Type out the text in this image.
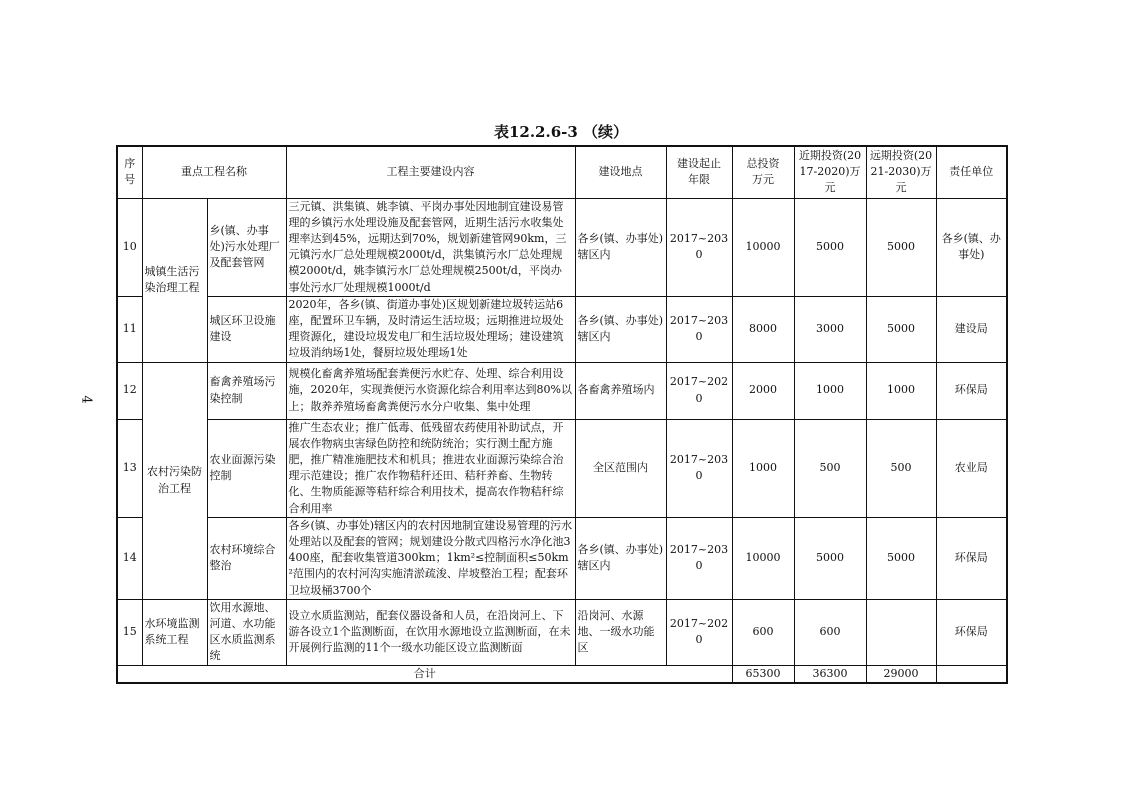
4
表12.2.6-3 （续）
序号	重点工程名称		工程主要建设内容	建设地点	建设起止年限	总投资万元	近期投资(2017-2020)万元	远期投资(2021-2030)万元	责任单位
10	城镇生活污染治理工程	乡(镇、办事处)污水处理厂及配套管网	三元镇、洪集镇、姚李镇、平岗办事处因地制宜建设易管理的乡镇污水处理设施及配套管网，近期生活污水收集处理率达到45%，远期达到70%，规划新建管网90km，三元镇污水厂总处理规模2000t/d，洪集镇污水厂总处理规模2000t/d，姚李镇污水厂总处理规模2500t/d，平岗办事处污水厂处理规模1000t/d	各乡(镇、办事处)辖区内	2017~2030	10000	5000	5000	各乡(镇、办事处)
11		城区环卫设施建设	2020年，各乡(镇、街道办事处)区规划新建垃圾转运站6座，配置环卫车辆，及时清运生活垃圾；远期推进垃圾处理资源化，建设垃圾发电厂和生活垃圾处理场；建设建筑垃圾消纳场1处，餐厨垃圾处理场1处	各乡(镇、办事处)辖区内	2017~2030	8000	3000	5000	建设局
12	农村污染防治工程	畜禽养殖场污染控制	规模化畜禽养殖场配套粪便污水贮存、处理、综合利用设施，2020年，实现粪便污水资源化综合利用率达到80%以上；散养养殖场畜禽粪便污水分户收集、集中处理	各畜禽养殖场内	2017~2020	2000	1000	1000	环保局
13		农业面源污染控制	推广生态农业；推广低毒、低残留农药使用补助试点，开展农作物病虫害绿色防控和统防统治；实行测土配方施肥，推广精准施肥技术和机具；推进农业面源污染综合治理示范建设；推广农作物秸秆还田、秸秆养畜、生物转化、生物质能源等秸秆综合利用技术，提高农作物秸秆综合利用率	全区范围内	2017~2030	1000	500	500	农业局
14		农村环境综合整治	各乡(镇、办事处)辖区内的农村因地制宜建设易管理的污水处理站以及配套的管网；规划建设分散式四格污水净化池3400座，配套收集管道300km；1km²≤控制面积≤50km²范围内的农村河沟实施清淤疏浚、岸坡整治工程；配套环卫垃圾桶3700个	各乡(镇、办事处)辖区内	2017~2030	10000	5000	5000	环保局
15	水环境监测系统工程	饮用水源地、河道、水功能区水质监测系统	设立水质监测站，配套仪器设备和人员，在沿岗河上、下游各设立1个监测断面，在饮用水源地设立监测断面，在未开展例行监测的11个一级水功能区设立监测断面	沿岗河、水源地、一级水功能区	2017~2020	600	600		环保局
合计						65300	36300	29000	
